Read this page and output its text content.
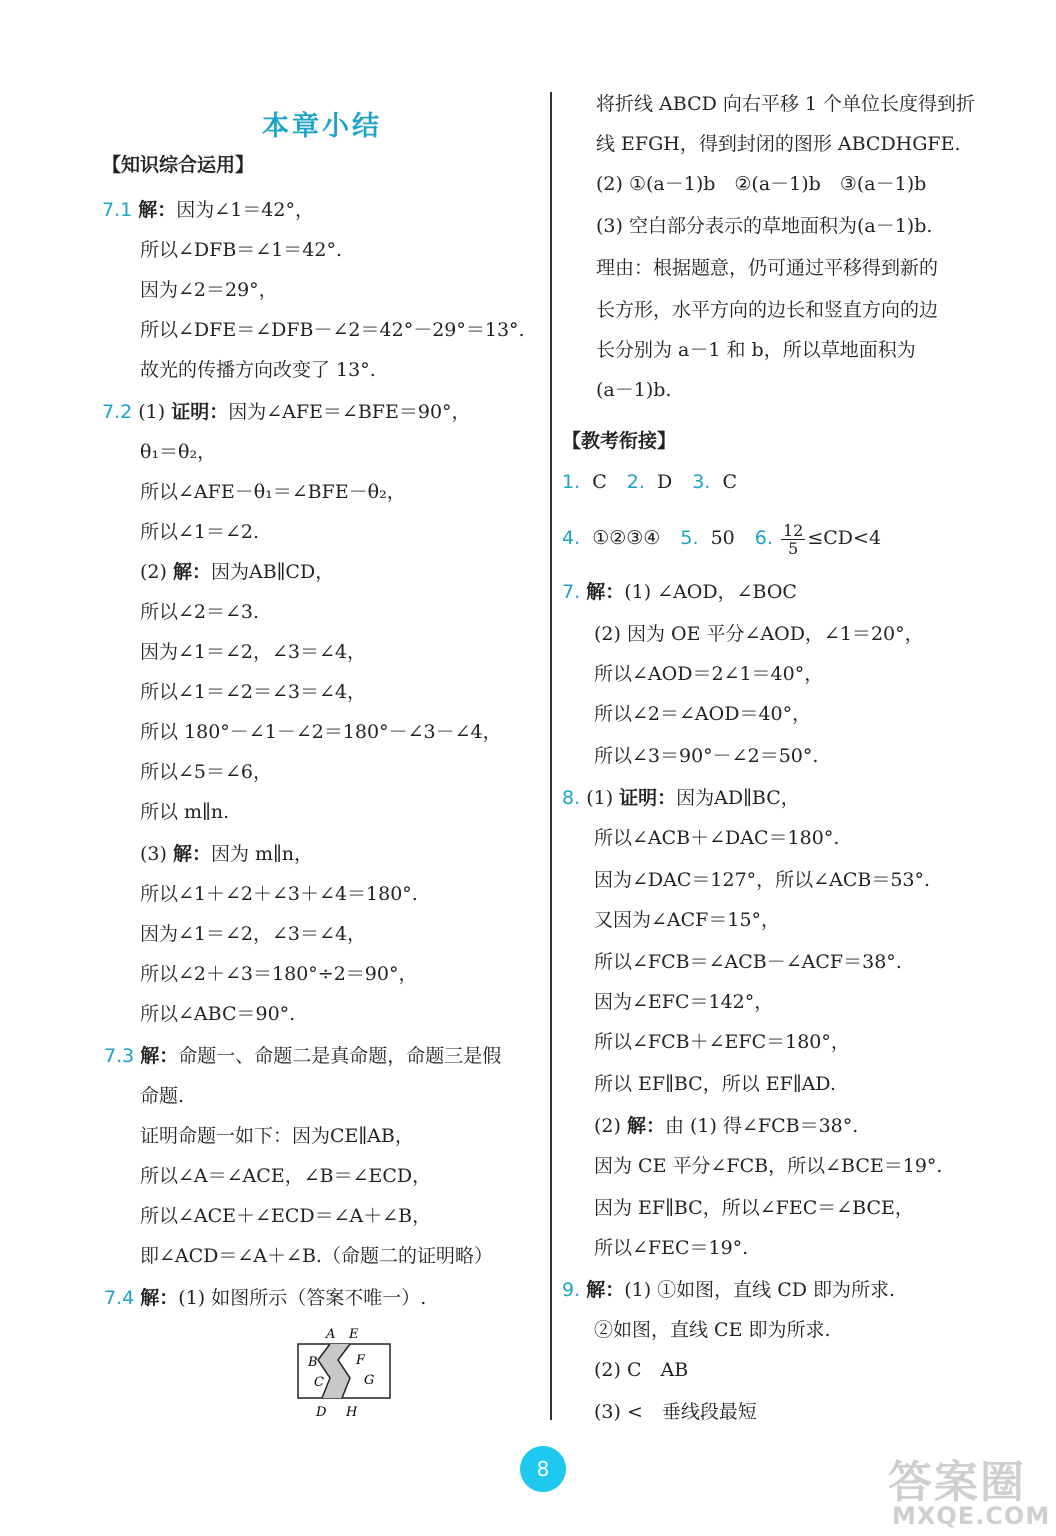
本章小结
【知识综合运用】
7.1 解：因为∠1＝42°，
所以∠DFB＝∠1＝42°.
因为∠2＝29°，
所以∠DFE＝∠DFB－∠2＝42°－29°＝13°.
故光的传播方向改变了 13°.
7.2 (1) 证明：因为∠AFE＝∠BFE＝90°，
θ₁＝θ₂，
所以∠AFE－θ₁＝∠BFE－θ₂，
所以∠1＝∠2.
(2) 解：因为AB∥CD，
所以∠2＝∠3.
因为∠1＝∠2，∠3＝∠4，
所以∠1＝∠2＝∠3＝∠4，
所以 180°－∠1－∠2＝180°－∠3－∠4，
所以∠5＝∠6，
所以 m∥n.
(3) 解：因为 m∥n，
所以∠1＋∠2＋∠3＋∠4＝180°.
因为∠1＝∠2，∠3＝∠4，
所以∠2＋∠3＝180°÷2＝90°，
所以∠ABC＝90°.
7.3 解：命题一、命题二是真命题，命题三是假
命题.
证明命题一如下：因为CE∥AB，
所以∠A＝∠ACE，∠B＝∠ECD，
所以∠ACE＋∠ECD＝∠A＋∠B，
即∠ACD＝∠A＋∠B.（命题二的证明略）
7.4 解：(1) 如图所示（答案不唯一）.
A E
B	F
C	G
D H
将折线 ABCD 向右平移 1 个单位长度得到折
线 EFGH，得到封闭的图形 ABCDHGFE.
(2) ①(a－1)b　②(a－1)b　③(a－1)b
(3) 空白部分表示的草地面积为(a－1)b.
理由：根据题意，仍可通过平移得到新的
长方形，水平方向的边长和竖直方向的边
长分别为 a－1 和 b，所以草地面积为
(a－1)b.
【教考衔接】
1. C 2. D 3. C
4. ①②③④ 5. 50 6. $\frac{12}{5} \le CD<4$
7. 解：(1) ∠AOD，∠BOC
(2) 因为 OE 平分∠AOD，∠1＝20°，
所以∠AOD＝2∠1＝40°，
所以∠2＝∠AOD＝40°，
所以∠3＝90°－∠2＝50°.
8. (1) 证明：因为AD∥BC，
所以∠ACB＋∠DAC＝180°.
因为∠DAC＝127°，所以∠ACB＝53°.
又因为∠ACF＝15°，
所以∠FCB＝∠ACB－∠ACF＝38°.
因为∠EFC＝142°，
所以∠FCB＋∠EFC＝180°，
所以 EF∥BC，所以 EF∥AD.
(2) 解：由 (1) 得∠FCB＝38°.
因为 CE 平分∠FCB，所以∠BCE＝19°.
因为 EF∥BC，所以∠FEC＝∠BCE，
所以∠FEC＝19°.
9. 解：(1) ①如图，直线 CD 即为所求.
②如图，直线 CE 即为所求.
(2) C　AB
(3) <　垂线段最短
8	答案圈
MXQE.COM
